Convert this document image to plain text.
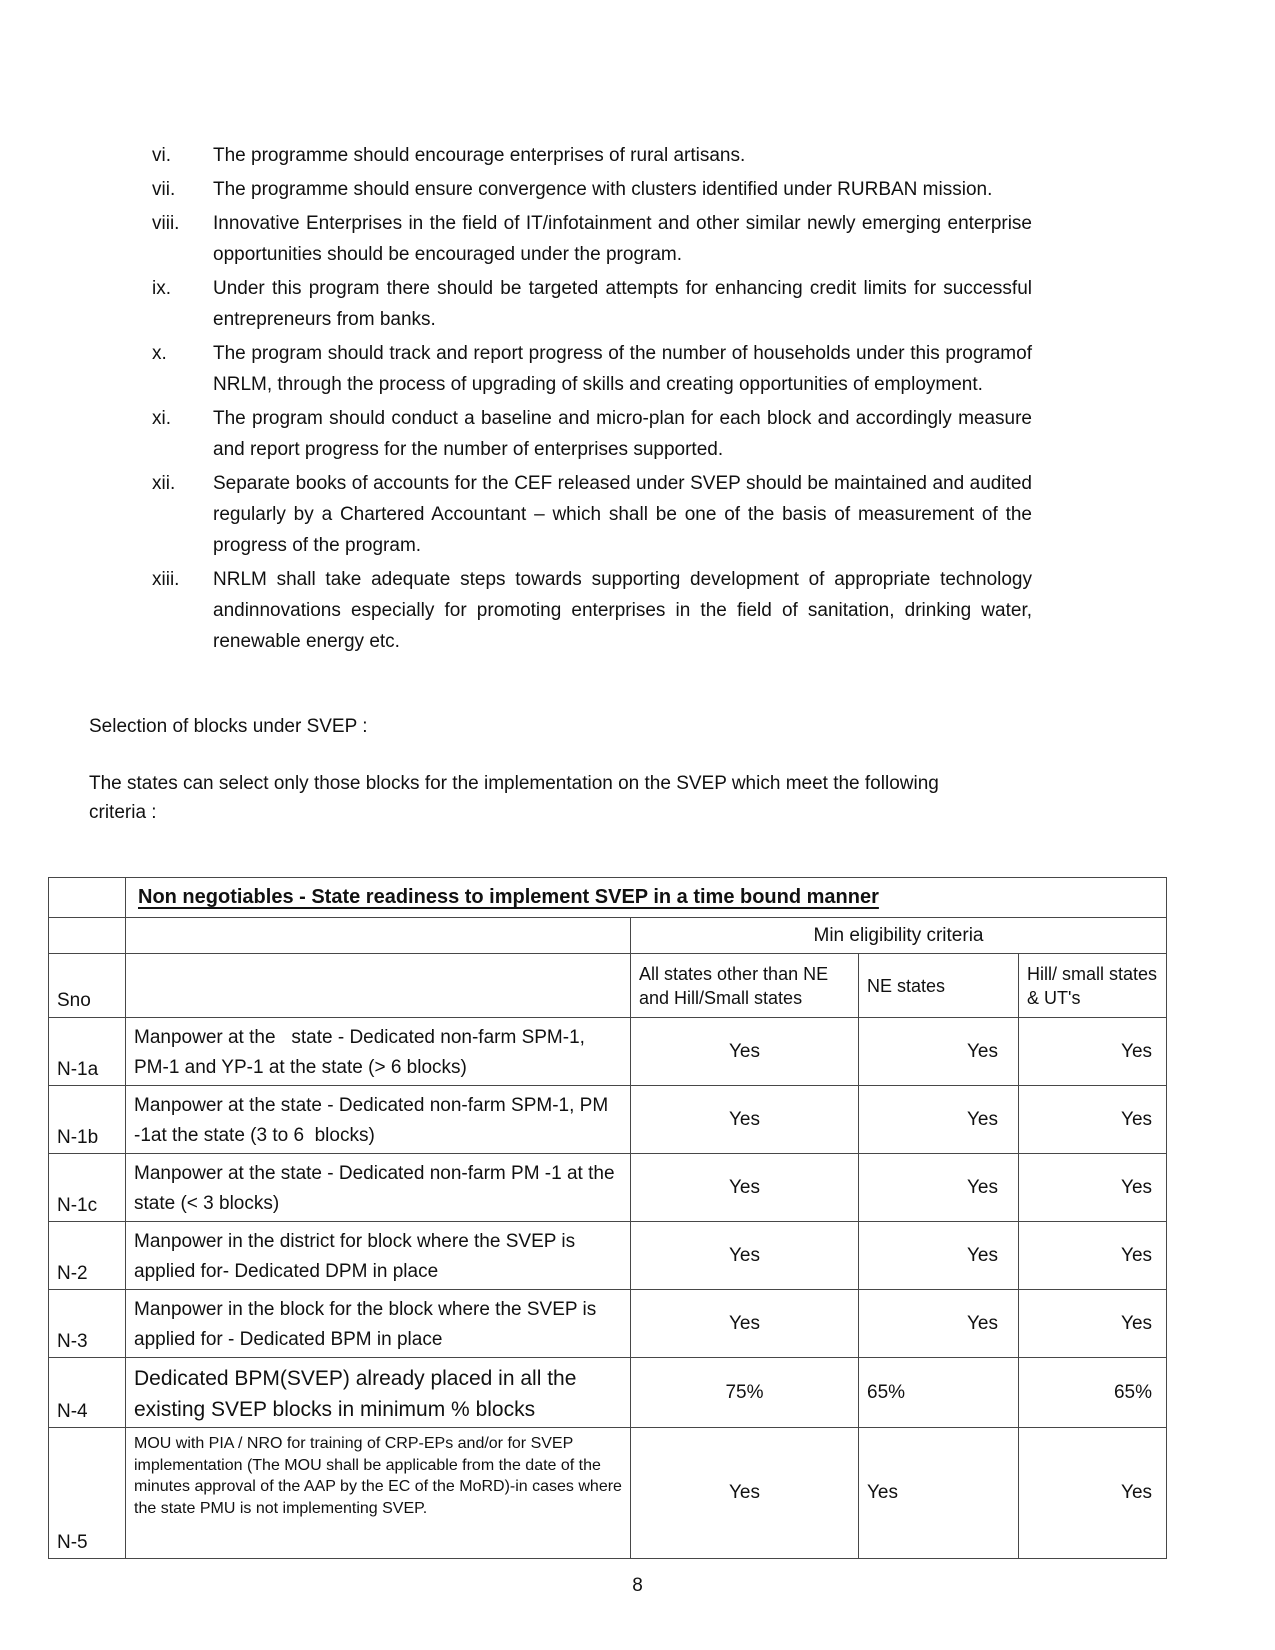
vi.	The programme should encourage enterprises of rural artisans.
vii.	The programme should ensure convergence with clusters identified under RURBAN mission.
viii.	Innovative Enterprises in the field of IT/infotainment and other similar newly emerging enterprise opportunities should be encouraged under the program.
ix.	Under this program there should be targeted attempts for enhancing credit limits for successful entrepreneurs from banks.
x.	The program should track and report progress of the number of households under this programof NRLM, through the process of upgrading of skills and creating opportunities of employment.
xi.	The program should conduct a baseline and micro-plan for each block and accordingly measure and report progress for the number of enterprises supported.
xii.	Separate books of accounts for the CEF released under SVEP should be maintained and audited regularly by a Chartered Accountant – which shall be one of the basis of measurement of the progress of the program.
xiii.	NRLM shall take adequate steps towards supporting development of appropriate technology andinnovations especially for promoting enterprises in the field of sanitation, drinking water, renewable energy etc.
Selection of blocks under SVEP :
The states can select only those blocks for the implementation on the SVEP which meet the following criteria :
	Non negotiables - State readiness to implement SVEP in a time bound manner			
		Min eligibility criteria		
Sno		All states other than NE and Hill/Small states	NE states	Hill/ small states & UT's
N-1a	Manpower at the   state - Dedicated non-farm SPM-1, PM-1 and YP-1 at the state (> 6 blocks)	Yes	Yes	Yes
N-1b	Manpower at the state - Dedicated non-farm SPM-1, PM -1at the state (3 to 6  blocks)	Yes	Yes	Yes
N-1c	Manpower at the state - Dedicated non-farm PM -1 at the state (< 3 blocks)	Yes	Yes	Yes
N-2	Manpower in the district for block where the SVEP is applied for- Dedicated DPM in place	Yes	Yes	Yes
N-3	Manpower in the block for the block where the SVEP is applied for - Dedicated BPM in place	Yes	Yes	Yes
N-4	Dedicated BPM(SVEP) already placed in all the existing SVEP blocks in minimum % blocks	75%	65%	65%
N-5	MOU with PIA / NRO for training of CRP-EPs and/or for SVEP implementation (The MOU shall be applicable from the date of the minutes approval of the AAP by the EC of the MoRD)-in cases where the state PMU is not implementing SVEP.	Yes	Yes	Yes
8
